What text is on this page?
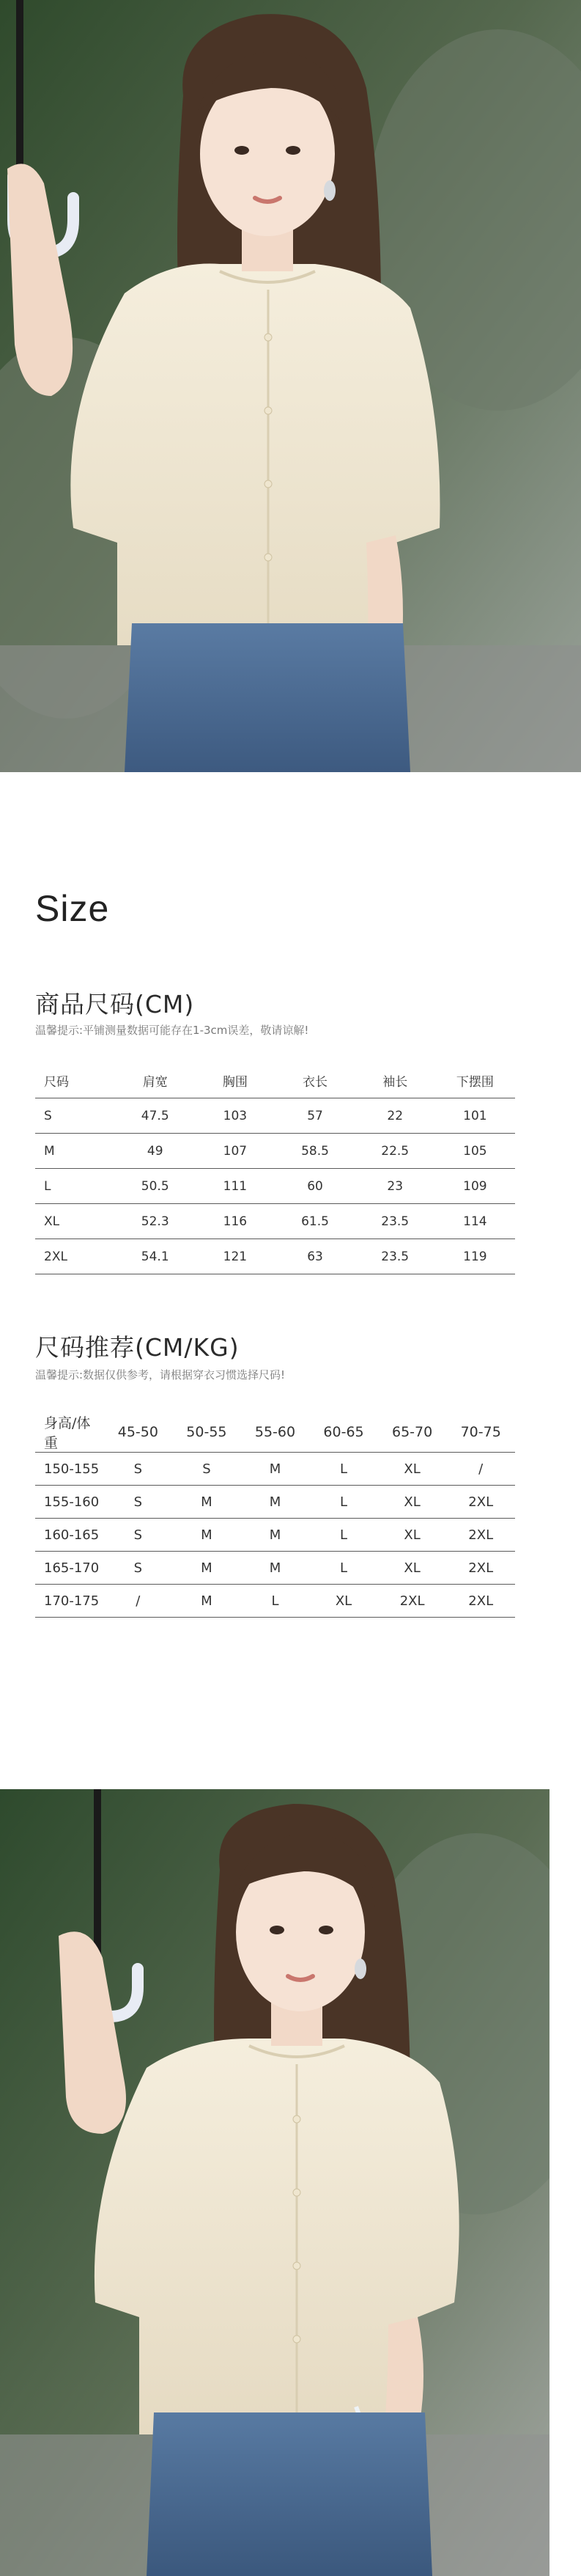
Size
商品尺码(CM)
温馨提示:平铺测量数据可能存在1-3cm误差，敬请谅解!
尺码	肩宽	胸围	衣长	袖长	下摆围
S	47.5	103	57	22	101
M	49	107	58.5	22.5	105
L	50.5	111	60	23	109
XL	52.3	116	61.5	23.5	114
2XL	54.1	121	63	23.5	119
尺码推荐(CM/KG)
温馨提示:数据仅供参考，请根据穿衣习惯选择尺码!
身高/体重	45-50	50-55	55-60	60-65	65-70	70-75
150-155	S	S	M	L	XL	/
155-160	S	M	M	L	XL	2XL
160-165	S	M	M	L	XL	2XL
165-170	S	M	M	L	XL	2XL
170-175	/	M	L	XL	2XL	2XL
